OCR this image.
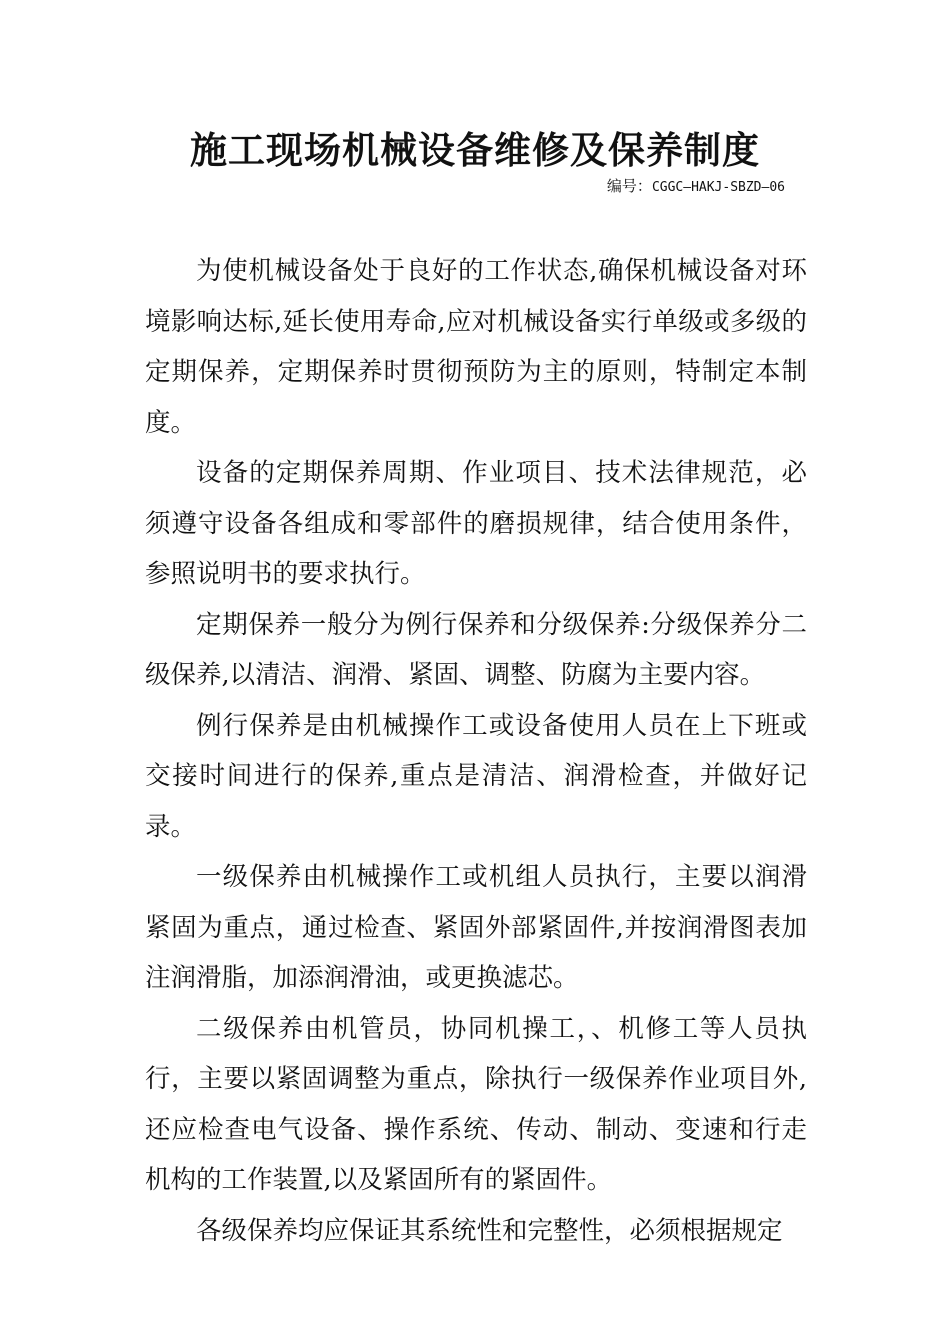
施工现场机械设备维修及保养制度
编号：CGGC—HAKJ-SBZD—06

为使机械设备处于良好的工作状态,确保机械设备对环境影响达标,延长使用寿命,应对机械设备实行单级或多级的定期保养，定期保养时贯彻预防为主的原则，特制定本制度。

设备的定期保养周期、作业项目、技术法律规范，必须遵守设备各组成和零部件的磨损规律，结合使用条件，参照说明书的要求执行。

定期保养一般分为例行保养和分级保养:分级保养分二级保养,以清洁、润滑、紧固、调整、防腐为主要内容。

例行保养是由机械操作工或设备使用人员在上下班或交接时间进行的保养,重点是清洁、润滑检查，并做好记录。

一级保养由机械操作工或机组人员执行，主要以润滑紧固为重点，通过检查、紧固外部紧固件,并按润滑图表加注润滑脂，加添润滑油，或更换滤芯。

二级保养由机管员，协同机操工，、机修工等人员执行，主要以紧固调整为重点，除执行一级保养作业项目外,还应检查电气设备、操作系统、传动、制动、变速和行走机构的工作装置,以及紧固所有的紧固件。

各级保养均应保证其系统性和完整性，必须根据规定
